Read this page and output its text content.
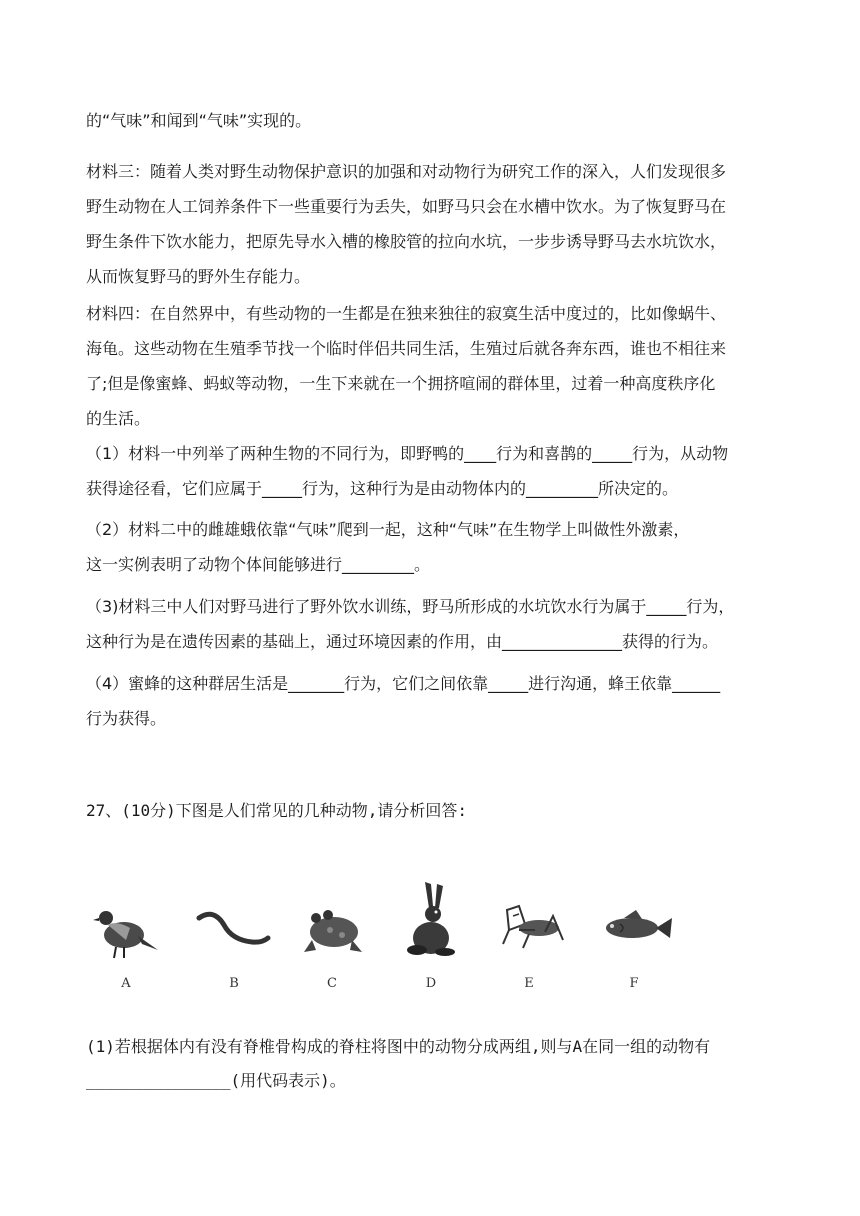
的“气味”和闻到“气味”实现的。
材料三：随着人类对野生动物保护意识的加强和对动物行为研究工作的深入，人们发现很多
野生动物在人工饲养条件下一些重要行为丢失，如野马只会在水槽中饮水。为了恢复野马在
野生条件下饮水能力，把原先导水入槽的橡胶管的拉向水坑，一步步诱导野马去水坑饮水，
从而恢复野马的野外生存能力。
材料四：在自然界中，有些动物的一生都是在独来独往的寂寞生活中度过的，比如像蜗牛、
海龟。这些动物在生殖季节找一个临时伴侣共同生活，生殖过后就各奔东西，谁也不相往来
了;但是像蜜蜂、蚂蚁等动物，一生下来就在一个拥挤喧闹的群体里，过着一种高度秩序化
的生活。
（1）材料一中列举了两种生物的不同行为，即野鸭的____行为和喜鹊的_____行为，从动物
获得途径看，它们应属于_____行为，这种行为是由动物体内的_________所决定的。
（2）材料二中的雌雄蛾依靠“气味”爬到一起，这种“气味”在生物学上叫做性外激素，
这一实例表明了动物个体间能够进行_________。
（3)材料三中人们对野马进行了野外饮水训练，野马所形成的水坑饮水行为属于_____行为，
这种行为是在遗传因素的基础上，通过环境因素的作用，由_______________获得的行为。
（4）蜜蜂的这种群居生活是_______行为，它们之间依靠_____进行沟通，蜂王依靠______
行为获得。
27、(10分)下图是人们常见的几种动物,请分析回答:
A	B	C	D	E	F
(1)若根据体内有没有脊椎骨构成的脊柱将图中的动物分成两组,则与A在同一组的动物有
_______________(用代码表示)。
